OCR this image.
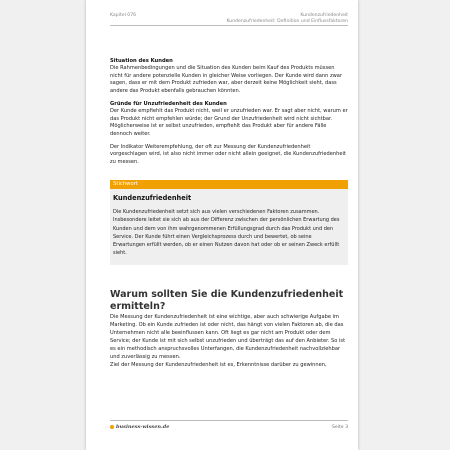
Kapitel 076	Kundenzufriedenheit
Kundenzufriedenheit: Definition und Einflussfaktoren
Situation des Kunden

Die Rahmenbedingungen und die Situation des Kunden beim Kauf des Produkts müssen nicht für andere potenzielle Kunden in gleicher Weise vorliegen. Der Kunde wird dann zwar sagen, dass er mit dem Produkt zufrieden war, aber derzeit keine Möglichkeit sieht, dass andere das Produkt ebenfalls gebrauchen könnten.

Gründe für Unzufriedenheit des Kunden

Der Kunde empfiehlt das Produkt nicht, weil er unzufrieden war. Er sagt aber nicht, warum er das Produkt nicht empfehlen würde; der Grund der Unzufriedenheit wird nicht sichtbar. Möglicherweise ist er selbst unzufrieden, empfiehlt das Produkt aber für andere Fälle dennoch weiter.

Der Indikator Weiterempfehlung, der oft zur Messung der Kundenzufriedenheit vorgeschlagen wird, ist also nicht immer oder nicht allein geeignet, die Kundenzufriedenheit zu messen.

Stichwort
Kundenzufriedenheit

Die Kundenzufriedenheit setzt sich aus vielen verschiedenen Faktoren zusammen. Insbesondere leitet sie sich ab aus der Differenz zwischen der persönlichen Erwartung des Kunden und dem von ihm wahrgenommenen Erfüllungsgrad durch das Produkt und den Service. Der Kunde führt einen Vergleichsprozess durch und bewertet, ob seine Erwartungen erfüllt werden, ob er einen Nutzen davon hat oder ob er seinen Zweck erfüllt sieht.

Warum sollten Sie die Kundenzufriedenheit ermitteln?

Die Messung der Kundenzufriedenheit ist eine wichtige, aber auch schwierige Aufgabe im Marketing. Ob ein Kunde zufrieden ist oder nicht, das hängt von vielen Faktoren ab, die das Unternehmen nicht alle beeinflussen kann. Oft liegt es gar nicht am Produkt oder dem Service; der Kunde ist mit sich selbst unzufrieden und überträgt das auf den Anbieter. So ist es ein methodisch anspruchsvolles Unterfangen, die Kundenzufriedenheit nachvollziehbar und zuverlässig zu messen.

Ziel der Messung der Kundenzufriedenheit ist es, Erkenntnisse darüber zu gewinnen,

business-wissen.de	Seite 3
